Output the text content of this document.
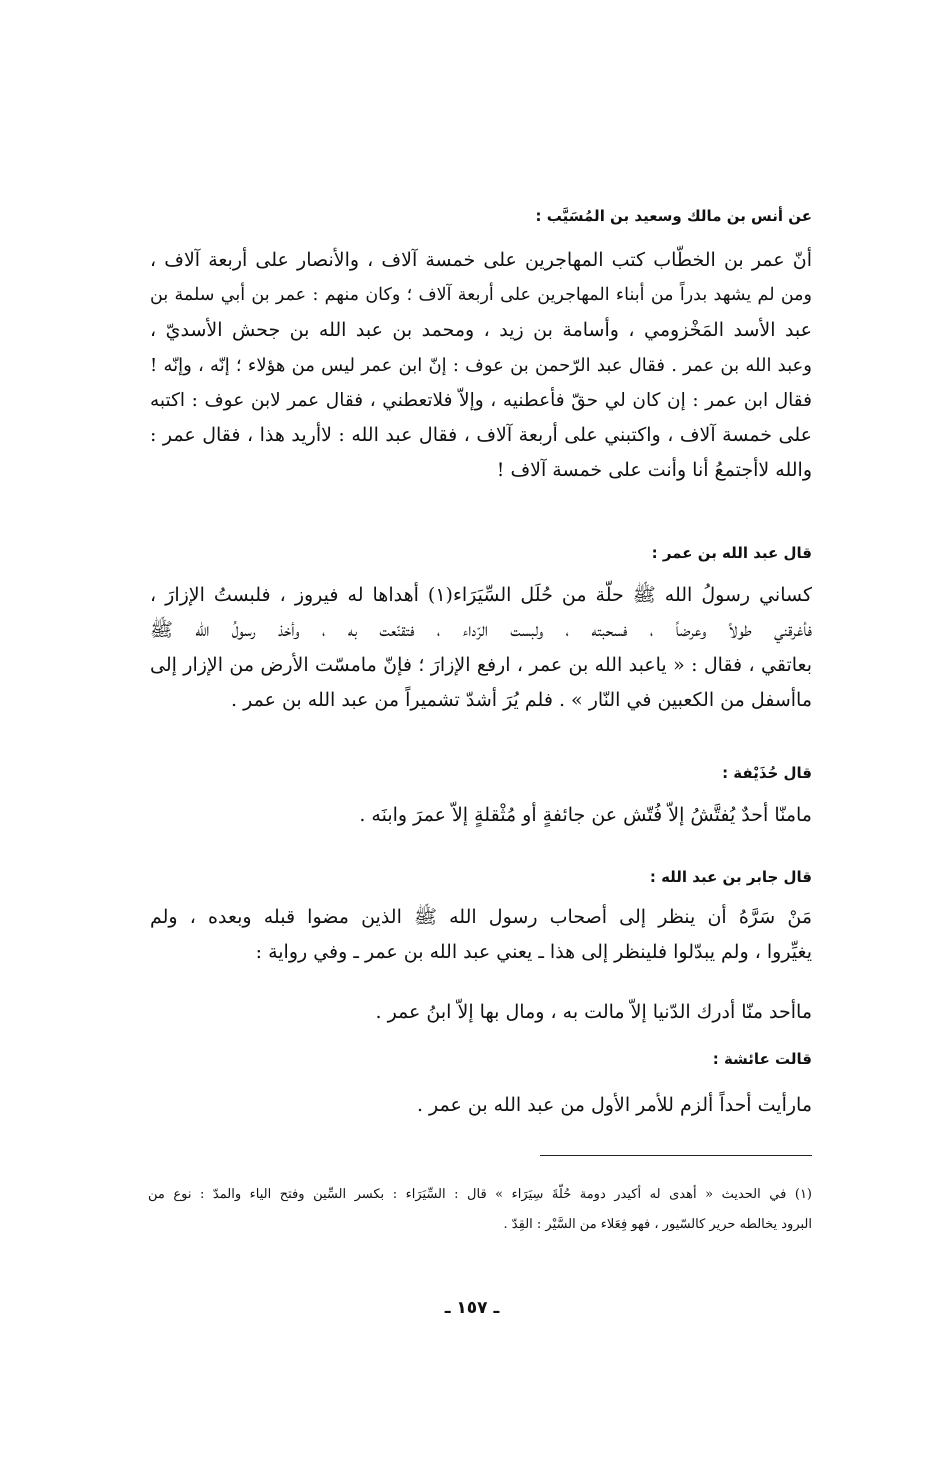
عن أنس بن مالك وسعيد بن المُسَيَّب :
أنّ عمر بن الخطّاب كتب المهاجرين على خمسة آلاف ، والأنصار على أربعة آلاف ،
ومن لم يشهد بدراً من أبناء المهاجرين على أربعة آلاف ؛ وكان منهم : عمر بن أبي سلمة بن
عبد الأسد المَخْزومي ، وأسامة بن زيد ، ومحمد بن عبد الله بن جحش الأسديّ ،
وعبد الله بن عمر . فقال عبد الرّحمن بن عوف : إنّ ابن عمر ليس من هؤلاء ؛ إنّه ، وإنّه !
فقال ابن عمر : إن كان لي حقّ فأعطنيه ، وإلاّ فلاتعطني ، فقال عمر لابن عوف : اكتبه
على خمسة آلاف ، واكتبني على أربعة آلاف ، فقال عبد الله : لاأريد هذا ، فقال عمر :
والله لاأجتمعُ أنا وأنت على خمسة آلاف !
قال عبد الله بن عمر :
كساني رسولُ الله ﷺ حلّة من حُلَل السِّيَرَاء(١) أهداها له فيروز ، فلبستُ الإزارَ ،
فأغرقني طولاً وعرضاً ، فسحبته ، ولبست الرّداء ، فتقنّعت به ، وأخذ رسولُ الله ﷺ
بعاتقي ، فقال : « ياعبد الله بن عمر ، ارفع الإزارَ ؛ فإنّ مامسّت الأرض من الإزار إلى
ماأسفل من الكعبين في النّار » . فلم يُرَ أشدّ تشميراً من عبد الله بن عمر .
قال حُذَيْفة :
مامنّا أحدٌ يُفتَّشُ إلاّ فُتّش عن جائفةٍ أو مُثْقلةٍ إلاّ عمرَ وابنَه .
قال جابر بن عبد الله :
مَنْ سَرَّهُ أن ينظر إلى أصحاب رسول الله ﷺ الذين مضوا قبله وبعده ، ولم
يغيِّروا ، ولم يبدّلوا فلينظر إلى هذا ـ يعني عبد الله بن عمر ـ وفي رواية :
ماأحد منّا أدرك الدّنيا إلاّ مالت به ، ومال بها إلاّ ابنُ عمر .
قالت عائشة :
مارأيت أحداً ألزم للأمر الأول من عبد الله بن عمر .
(١) في الحديث « أهدى له أكيدر دومة حُلّةَ سِيَرَاء » قال : السِّيَرَاء : بكسر السِّين وفتح الياء والمدّ : نوع من
البرود يخالطه حرير كالسّيور ، فهو فِعَلاء من السَّيْر : القِدّ .
ـ ١٥٧ ـ
